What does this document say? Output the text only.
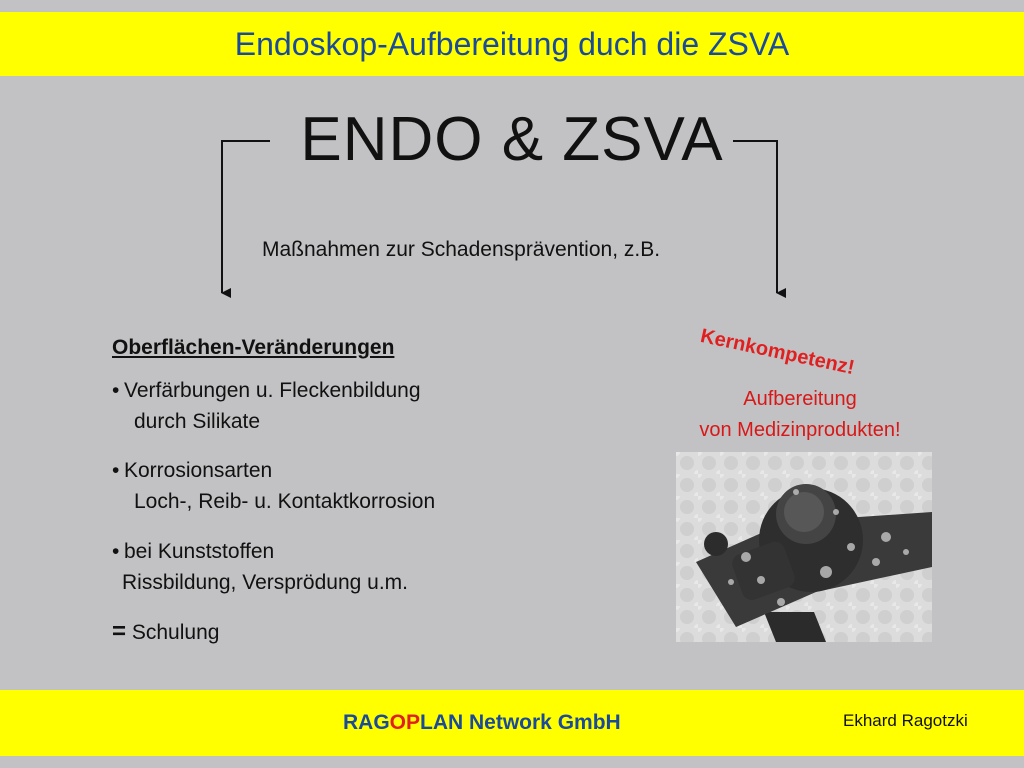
Endoskop-Aufbereitung duch die ZSVA
ENDO & ZSVA
Maßnahmen zur Schadensprävention, z.B.
Oberflächen-Veränderungen
• Verfärbungen u. Fleckenbildung
durch Silikate
• Korrosionsarten
Loch-, Reib- u. Kontaktkorrosion
• bei Kunststoffen
Rissbildung, Versprödung u.m.
= Schulung
Kernkompetenz!
Aufbereitung
von Medizinprodukten!
RAGOPLAN Network GmbH	Ekhard Ragotzki
